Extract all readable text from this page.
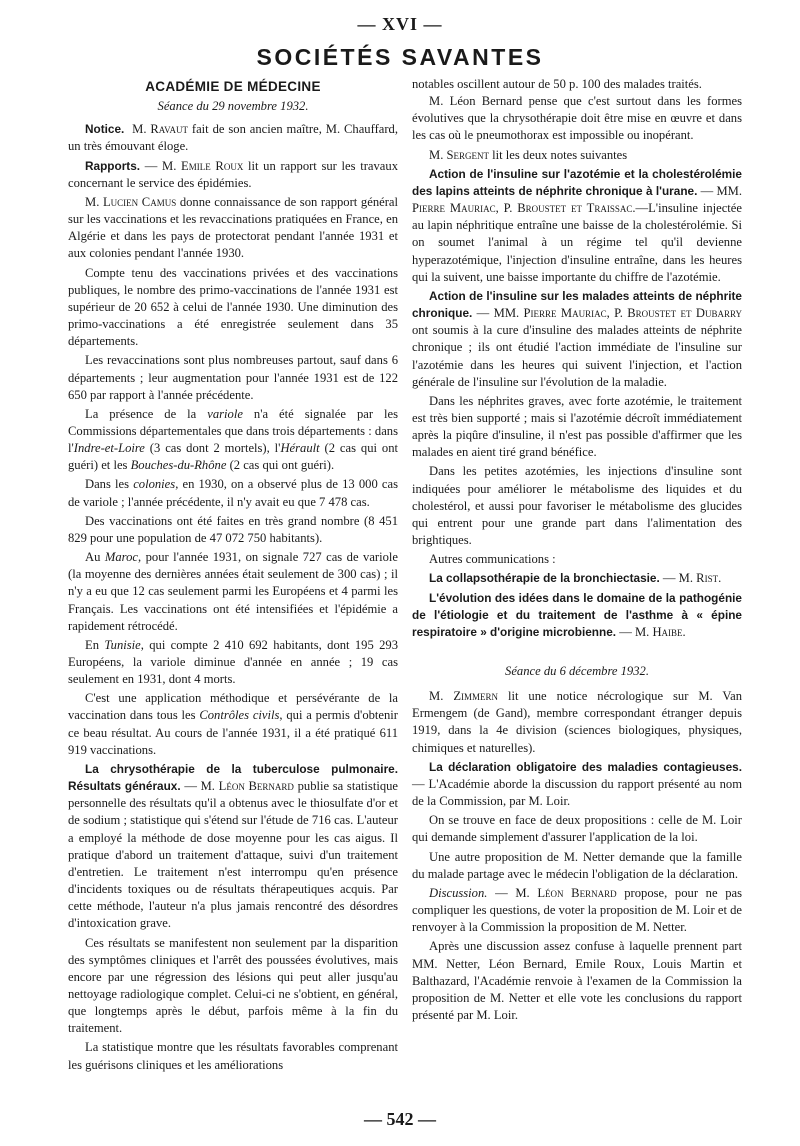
— XVI —
SOCIÉTÉS SAVANTES
ACADÉMIE DE MÉDECINE

Séance du 29 novembre 1932.

Notice. M. Ravaut fait de son ancien maître, M. Chauffard, un très émouvant éloge.

Rapports. — M. Emile Roux lit un rapport sur les travaux concernant le service des épidémies.

M. Lucien Camus donne connaissance de son rapport général sur les vaccinations et les revaccinations pratiquées en France, en Algérie et dans les pays de protectorat pendant l'année 1931 et aux colonies pendant l'année 1930.

Compte tenu des vaccinations privées et des vaccinations publiques, le nombre des primo-vaccinations de l'année 1931 est supérieur de 20 652 à celui de l'année 1930. Une diminution des primo-vaccinations a été enregistrée seulement dans 35 départements.

Les revaccinations sont plus nombreuses partout, sauf dans 6 départements ; leur augmentation pour l'année 1931 est de 122 650 par rapport à l'année précédente.

La présence de la variole n'a été signalée par les Commissions départementales que dans trois départements : dans l'Indre-et-Loire (3 cas dont 2 mortels), l'Hérault (2 cas qui ont guéri) et les Bouches-du-Rhône (2 cas qui ont guéri).

Dans les colonies, en 1930, on a observé plus de 13 000 cas de variole ; l'année précédente, il n'y avait eu que 7 478 cas.

Des vaccinations ont été faites en très grand nombre (8 451 829 pour une population de 47 072 750 habitants).

Au Maroc, pour l'année 1931, on signale 727 cas de variole (la moyenne des dernières années était seulement de 300 cas) ; il n'y a eu que 12 cas seulement parmi les Européens et 4 parmi les Français. Les vaccinations ont été intensifiées et l'épidémie a rapidement rétrocédé.

En Tunisie, qui compte 2 410 692 habitants, dont 195 293 Européens, la variole diminue d'année en année ; 19 cas seulement en 1931, dont 4 morts.

C'est une application méthodique et persévérante de la vaccination dans tous les Contrôles civils, qui a permis d'obtenir ce beau résultat. Au cours de l'année 1931, il a été pratiqué 611 919 vaccinations.

La chrysothérapie de la tuberculose pulmonaire. Résultats généraux. — M. Léon Bernard publie sa statistique personnelle des résultats qu'il a obtenus avec le thiosulfate d'or et de sodium ; statistique qui s'étend sur l'étude de 716 cas. L'auteur a employé la méthode de dose moyenne pour les cas aigus. Il pratique d'abord un traitement d'attaque, suivi d'un traitement d'entretien. Le traitement n'est interrompu qu'en présence d'incidents toxiques ou de résultats thérapeutiques acquis. Par cette méthode, l'auteur n'a plus jamais rencontré des désordres d'intoxication grave.

Ces résultats se manifestent non seulement par la disparition des symptômes cliniques et l'arrêt des poussées évolutives, mais encore par une régression des lésions qui peut aller jusqu'au nettoyage radiologique complet. Celui-ci ne s'obtient, en général, que longtemps après le début, parfois même à la fin du traitement.

La statistique montre que les résultats favorables comprenant les guérisons cliniques et les améliorations

notables oscillent autour de 50 p. 100 des malades traités.

M. Léon Bernard pense que c'est surtout dans les formes évolutives que la chrysothérapie doit être mise en œuvre et dans les cas où le pneumothorax est impossible ou inopérant.

M. Sergent lit les deux notes suivantes

Action de l'insuline sur l'azotémie et la cholestérolémie des lapins atteints de néphrite chronique à l'urane. — MM. Pierre Mauriac, P. Broustet et Traissac.—L'insuline injectée au lapin néphritique entraîne une baisse de la cholestérolémie. Si on soumet l'animal à un régime tel qu'il devienne hyperazotémique, l'injection d'insuline entraîne, dans les heures qui la suivent, une baisse importante du chiffre de l'azotémie.

Action de l'insuline sur les malades atteints de néphrite chronique. — MM. Pierre Mauriac, P. Broustet et Dubarry ont soumis à la cure d'insuline des malades atteints de néphrite chronique ; ils ont étudié l'action immédiate de l'insuline sur l'azotémie dans les heures qui suivent l'injection, et l'action générale de l'insuline sur l'évolution de la maladie.

Dans les néphrites graves, avec forte azotémie, le traitement est très bien supporté ; mais si l'azotémie décroît immédiatement après la piqûre d'insuline, il n'est pas possible d'affirmer que les malades en aient tiré grand bénéfice.

Dans les petites azotémies, les injections d'insuline sont indiquées pour améliorer le métabolisme des liquides et du cholestérol, et aussi pour favoriser le métabolisme des glucides qui entrent pour une grande part dans l'alimentation des brightiques.

Autres communications :

La collapsothérapie de la bronchiectasie. — M. Rist.

L'évolution des idées dans le domaine de la pathogénie de l'étiologie et du traitement de l'asthme à « épine respiratoire » d'origine microbienne. — M. Haibe.

Séance du 6 décembre 1932.

M. Zimmern lit une notice nécrologique sur M. Van Ermengem (de Gand), membre correspondant étranger depuis 1919, dans la 4e division (sciences biologiques, physiques, chimiques et naturelles).

La déclaration obligatoire des maladies contagieuses. — L'Académie aborde la discussion du rapport présenté au nom de la Commission, par M. Loir.

On se trouve en face de deux propositions : celle de M. Loir qui demande simplement d'assurer l'application de la loi.

Une autre proposition de M. Netter demande que la famille du malade partage avec le médecin l'obligation de la déclaration.

Discussion. — M. Léon Bernard propose, pour ne pas compliquer les questions, de voter la proposition de M. Loir et de renvoyer à la Commission la proposition de M. Netter.

Après une discussion assez confuse à laquelle prennent part MM. Netter, Léon Bernard, Emile Roux, Louis Martin et Balthazard, l'Académie renvoie à l'examen de la Commission la proposition de M. Netter et elle vote les conclusions du rapport présenté par M. Loir.

— 542 —
